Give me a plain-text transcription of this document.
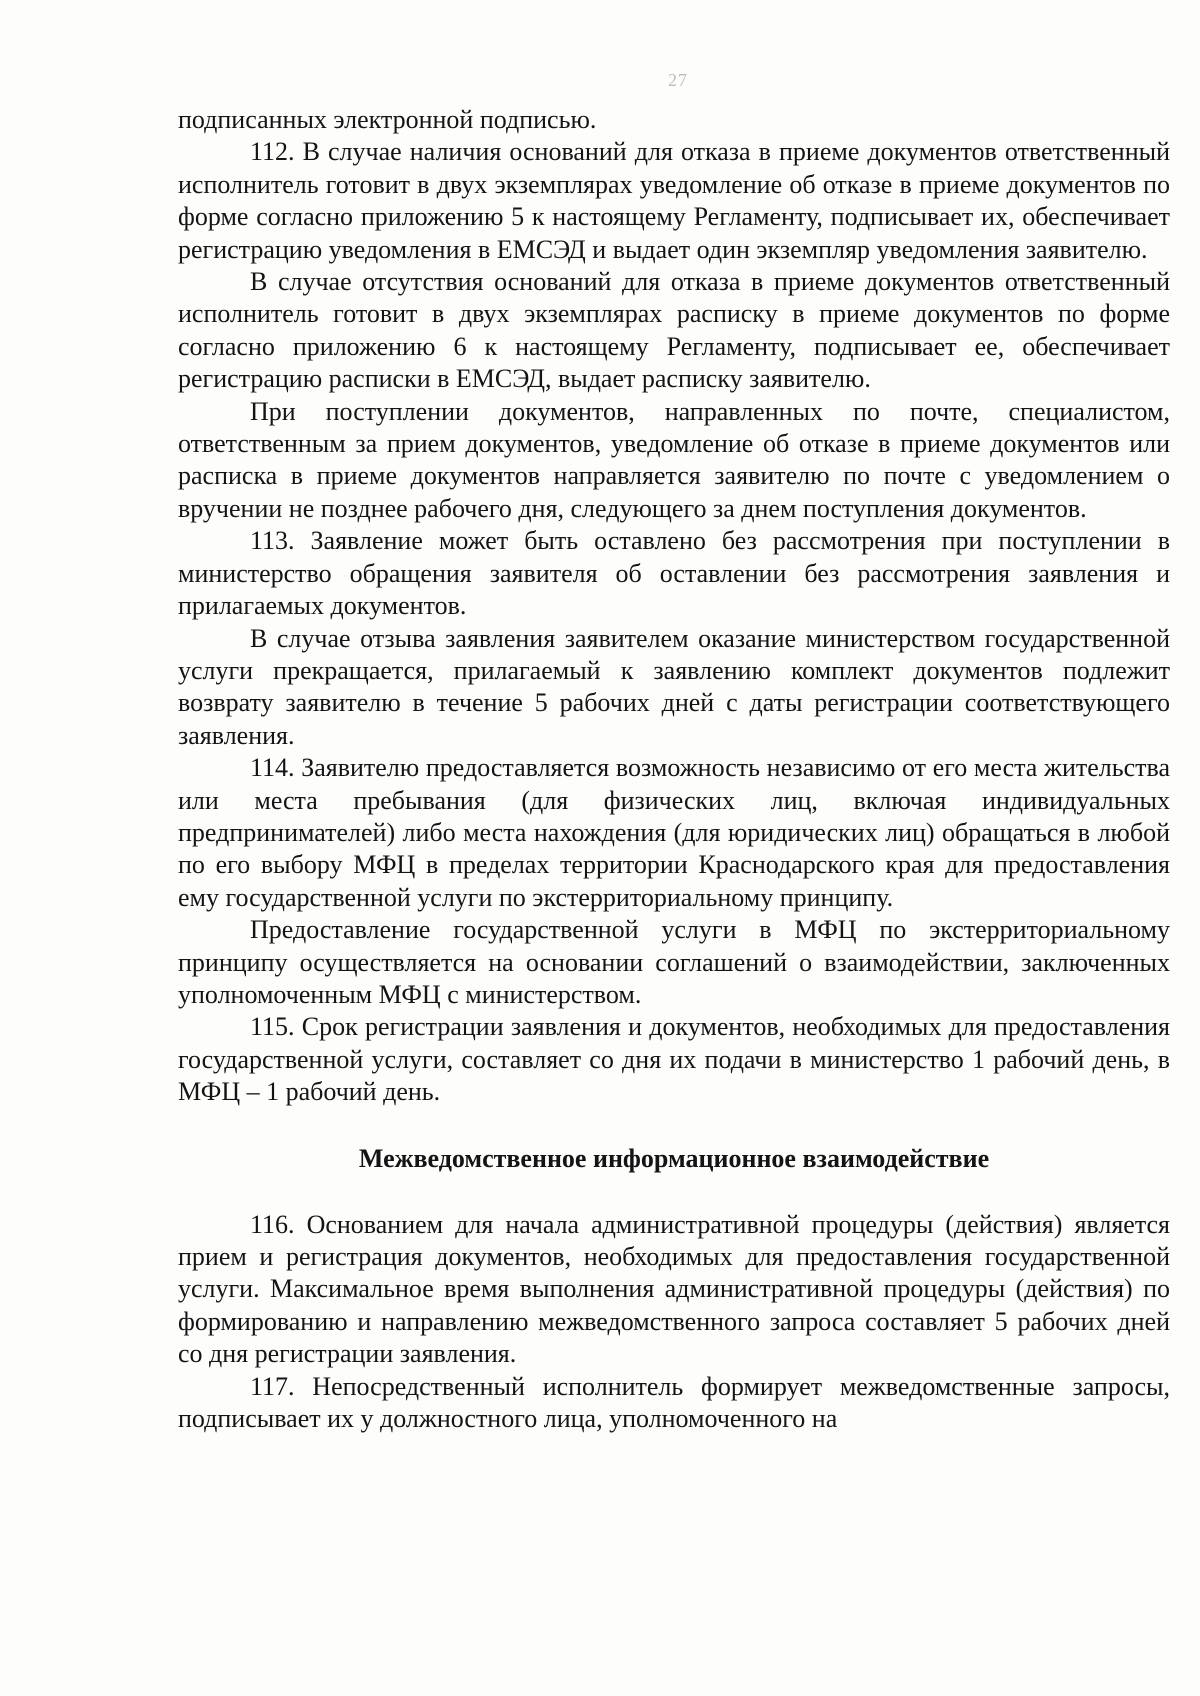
27

подписанных электронной подписью.

112. В случае наличия оснований для отказа в приеме документов ответственный исполнитель готовит в двух экземплярах уведомление об отказе в приеме документов по форме согласно приложению 5 к настоящему Регламенту, подписывает их, обеспечивает регистрацию уведомления в ЕМСЭД и выдает один экземпляр уведомления заявителю.

В случае отсутствия оснований для отказа в приеме документов ответственный исполнитель готовит в двух экземплярах расписку в приеме документов по форме согласно приложению 6 к настоящему Регламенту, подписывает ее, обеспечивает регистрацию расписки в ЕМСЭД, выдает расписку заявителю.

При поступлении документов, направленных по почте, специалистом, ответственным за прием документов, уведомление об отказе в приеме документов или расписка в приеме документов направляется заявителю по почте с уведомлением о вручении не позднее рабочего дня, следующего за днем поступления документов.

113. Заявление может быть оставлено без рассмотрения при поступлении в министерство обращения заявителя об оставлении без рассмотрения заявления и прилагаемых документов.

В случае отзыва заявления заявителем оказание министерством государственной услуги прекращается, прилагаемый к заявлению комплект документов подлежит возврату заявителю в течение 5 рабочих дней с даты регистрации соответствующего заявления.

114. Заявителю предоставляется возможность независимо от его места жительства или места пребывания (для физических лиц, включая индивидуальных предпринимателей) либо места нахождения (для юридических лиц) обращаться в любой по его выбору МФЦ в пределах территории Краснодарского края для предоставления ему государственной услуги по экстерриториальному принципу.

Предоставление государственной услуги в МФЦ по экстерриториальному принципу осуществляется на основании соглашений о взаимодействии, заключенных уполномоченным МФЦ с министерством.

115. Срок регистрации заявления и документов, необходимых для предоставления государственной услуги, составляет со дня их подачи в министерство 1 рабочий день, в МФЦ – 1 рабочий день.

Межведомственное информационное взаимодействие

116. Основанием для начала административной процедуры (действия) является прием и регистрация документов, необходимых для предоставления государственной услуги. Максимальное время выполнения административной процедуры (действия) по формированию и направлению межведомственного запроса составляет 5 рабочих дней со дня регистрации заявления.

117. Непосредственный исполнитель формирует межведомственные запросы, подписывает их у должностного лица, уполномоченного на
